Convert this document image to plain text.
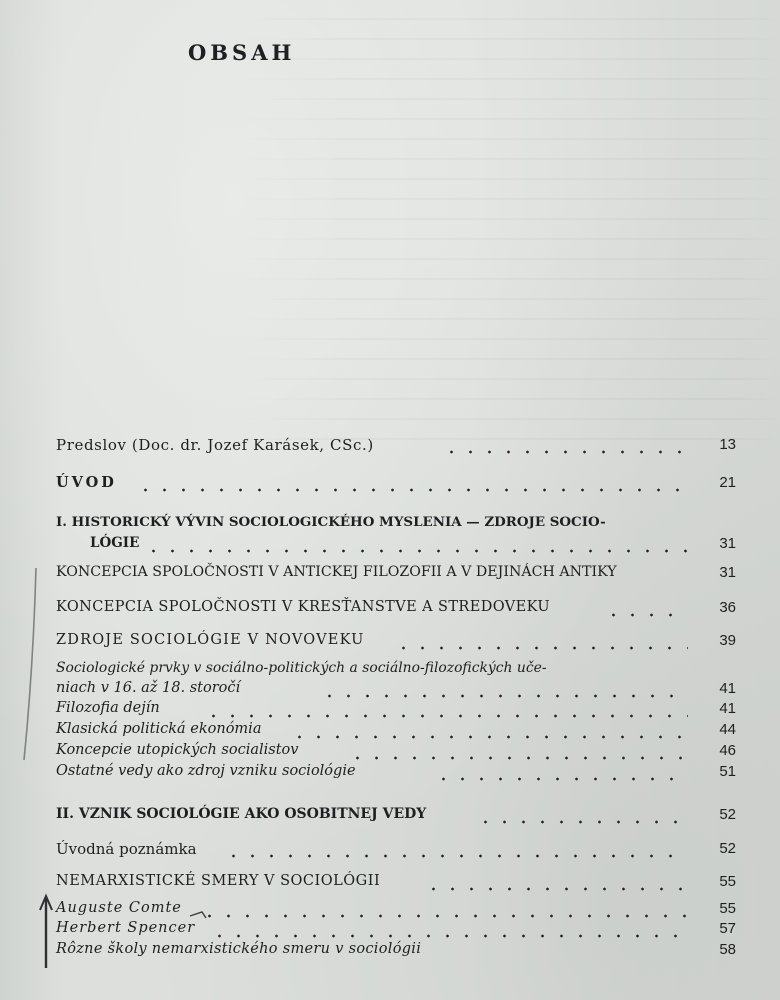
OBSAH
Predslov (Doc. dr. Jozef Karásek, CSc.)	13
ÚVOD	21
I. HISTORICKÝ VÝVIN SOCIOLOGICKÉHO MYSLENIA — ZDROJE SOCIO-
LÓGIE	31
KONCEPCIA SPOLOČNOSTI V ANTICKEJ FILOZOFII A V DEJINÁCH ANTIKY	31
KONCEPCIA SPOLOČNOSTI V KRESŤANSTVE A STREDOVEKU	36
ZDROJE SOCIOLÓGIE V NOVOVEKU	39
Sociologické prvky v sociálno-politických a sociálno-filozofických uče-
niach v 16. až 18. storočí	41
Filozofia dejín	41
Klasická politická ekonómia	44
Koncepcie utopických socialistov	46
Ostatné vedy ako zdroj vzniku sociológie	51
II. VZNIK SOCIOLÓGIE AKO OSOBITNEJ VEDY	52
Úvodná poznámka	52
NEMARXISTICKÉ SMERY V SOCIOLÓGII	55
Auguste Comte	55
Herbert Spencer	57
Rôzne školy nemarxistického smeru v sociológii	58
